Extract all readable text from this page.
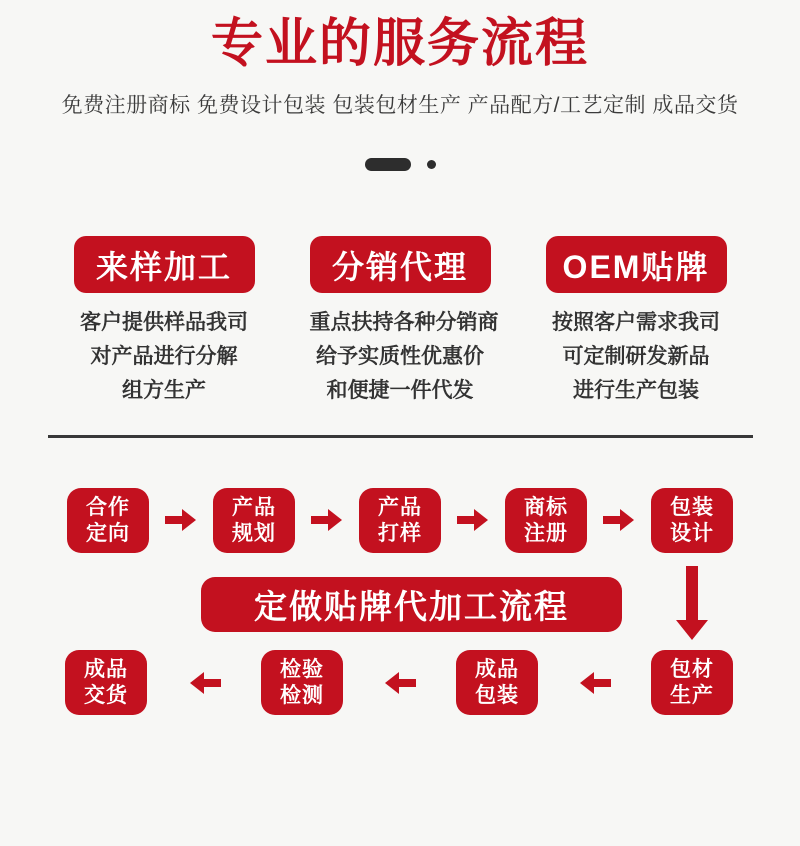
专业的服务流程
免费注册商标 免费设计包装 包装包材生产 产品配方/工艺定制 成品交货
来样加工
客户提供样品我司
对产品进行分解
组方生产
分销代理
重点扶持各种分销商
给予实质性优惠价
和便捷一件代发
OEM贴牌
按照客户需求我司
可定制研发新品
进行生产包装
合作
定向
产品
规划
产品
打样
商标
注册
包装
设计
定做贴牌代加工流程
成品
交货
检验
检测
成品
包装
包材
生产
